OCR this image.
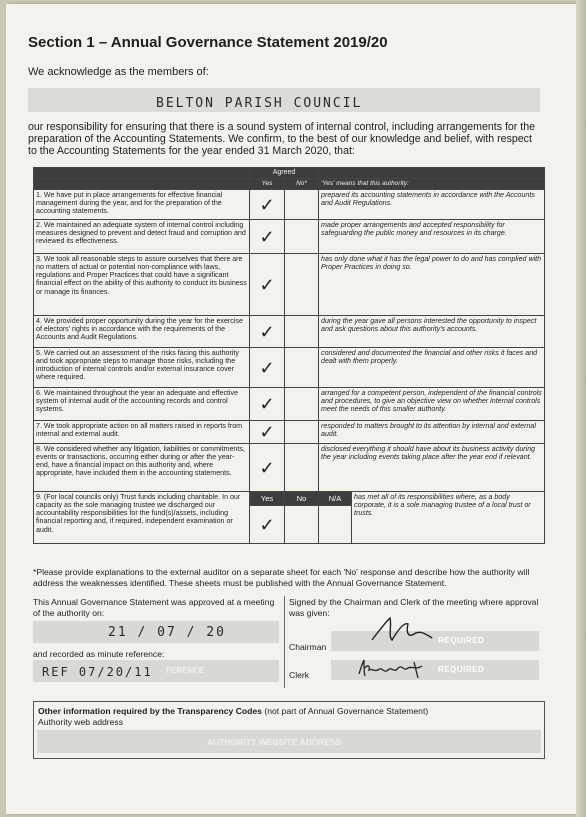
Section 1 – Annual Governance Statement 2019/20
We acknowledge as the members of:
BELTON PARISH COUNCIL
our responsibility for ensuring that there is a sound system of internal control, including arrangements for the preparation of the Accounting Statements. We confirm, to the best of our knowledge and belief, with respect to the Accounting Statements for the year ended 31 March 2020, that:
	Agreed			
	Yes	No*	'Yes' means that this authority:	
1. We have put in place arrangements for effective financial management during the year, and for the preparation of the accounting statements.	✓		prepared its accounting statements in accordance with the Accounts and Audit Regulations.	
2. We maintained an adequate system of internal control including measures designed to prevent and detect fraud and corruption and reviewed its effectiveness.	✓		made proper arrangements and accepted responsibility for safeguarding the public money and resources in its charge.	
3. We took all reasonable steps to assure ourselves that there are no matters of actual or potential non-compliance with laws, regulations and Proper Practices that could have a significant financial effect on the ability of this authority to conduct its business or manage its finances.	✓		has only done what it has the legal power to do and has complied with Proper Practices in doing so.	
4. We provided proper opportunity during the year for the exercise of electors' rights in accordance with the requirements of the Accounts and Audit Regulations.	✓		during the year gave all persons interested the opportunity to inspect and ask questions about this authority's accounts.	
5. We carried out an assessment of the risks facing this authority and took appropriate steps to manage those risks, including the introduction of internal controls and/or external insurance cover where required.	✓		considered and documented the financial and other risks it faces and dealt with them properly.	
6. We maintained throughout the year an adequate and effective system of internal audit of the accounting records and control systems.	✓		arranged for a competent person, independent of the financial controls and procedures, to give an objective view on whether internal controls meet the needs of this smaller authority.	
7. We took appropriate action on all matters raised in reports from internal and external audit.	✓		responded to matters brought to its attention by internal and external audit.	
8. We considered whether any litigation, liabilities or commitments, events or transactions, occurring either during or after the year-end, have a financial impact on this authority and, where appropriate, have included them in the accounting statements.	✓		disclosed everything it should have about its business activity during the year including events taking place after the year end if relevant.	
9. (For local councils only) Trust funds including charitable. In our capacity as the sole managing trustee we discharged our accountability responsibilities for the fund(s)/assets, including financial reporting and, if required, independent examination or audit.	Yes	No	N/A	has met all of its responsibilities where, as a body corporate, it is a sole managing trustee of a local trust or trusts.
	✓			
*Please provide explanations to the external auditor on a separate sheet for each 'No' response and describe how the authority will address the weaknesses identified. These sheets must be published with the Annual Governance Statement.
This Annual Governance Statement was approved at a meeting of the authority on:
Signed by the Chairman and Clerk of the meeting where approval was given:
21 / 07 / 20
and recorded as minute reference:
FERENCE
REF 07/20/11
Chairman
REQUIRED
Clerk
REQUIRED
Other information required by the Transparency Codes (not part of Annual Governance Statement)
Authority web address
AUTHORITY WEBSITE ADDRESS
